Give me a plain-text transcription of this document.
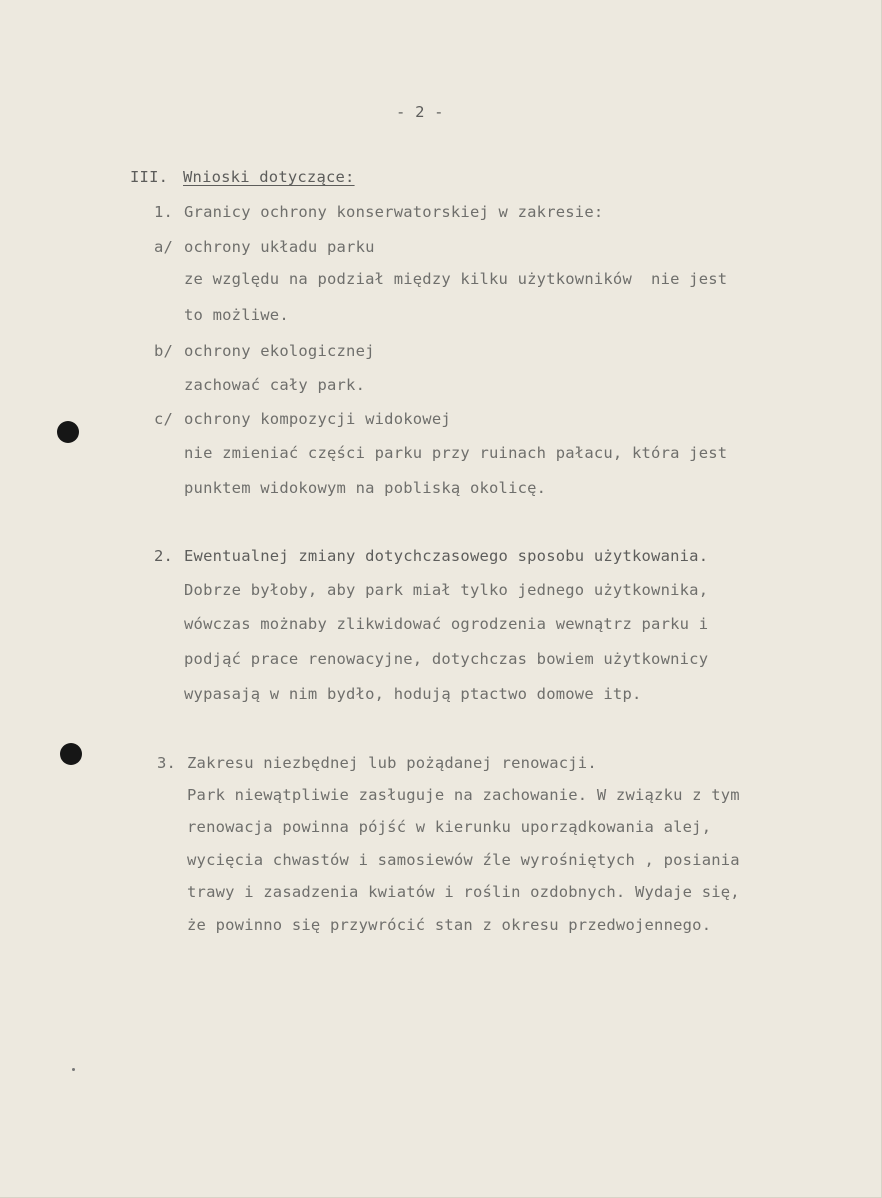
- 2 -
III. Wnioski dotyczące:
1. Granicy ochrony konserwatorskiej w zakresie:
a/ ochrony układu parku
ze względu na podział między kilku użytkowników  nie jest
to możliwe.
b/ ochrony ekologicznej
zachować cały park.
c/ ochrony kompozycji widokowej
nie zmieniać części parku przy ruinach pałacu, która jest
punktem widokowym na pobliską okolicę.
2. Ewentualnej zmiany dotychczasowego sposobu użytkowania.
Dobrze byłoby, aby park miał tylko jednego użytkownika,
wówczas możnaby zlikwidować ogrodzenia wewnątrz parku i
podjąć prace renowacyjne, dotychczas bowiem użytkownicy
wypasają w nim bydło, hodują ptactwo domowe itp.
3. Zakresu niezbędnej lub pożądanej renowacji.
Park niewątpliwie zasługuje na zachowanie. W związku z tym
renowacja powinna pójść w kierunku uporządkowania alej,
wycięcia chwastów i samosiewów źle wyrośniętych , posiania
trawy i zasadzenia kwiatów i roślin ozdobnych. Wydaje się,
że powinno się przywrócić stan z okresu przedwojennego.
